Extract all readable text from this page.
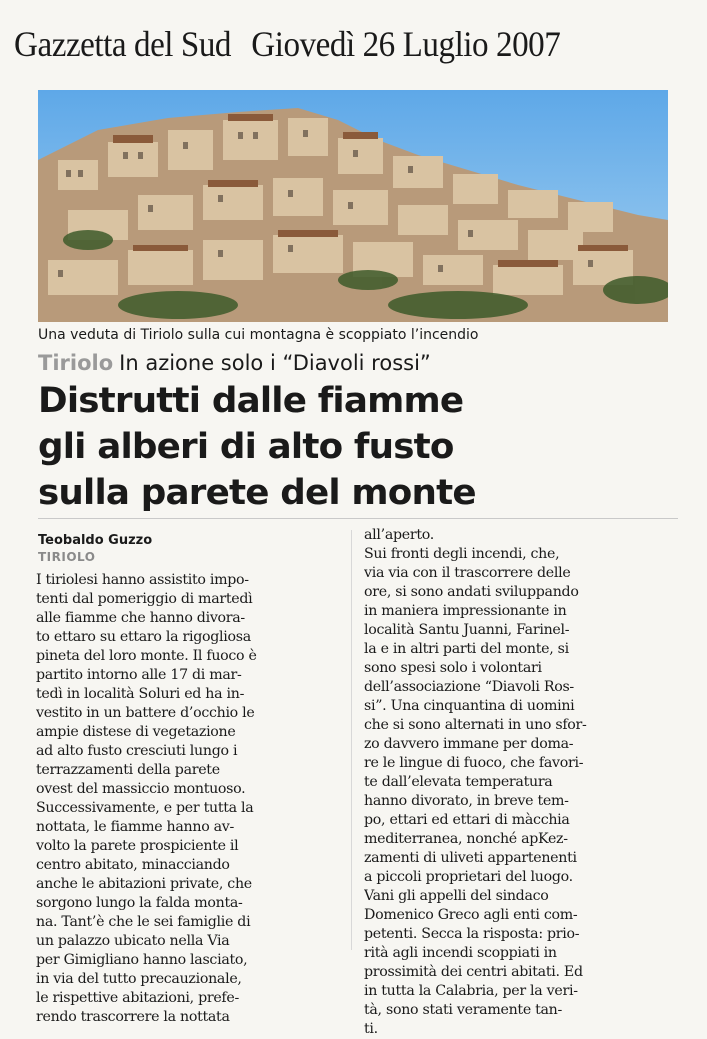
Gazzetta del Sud Giovedì 26 Luglio 2007
Una veduta di Tiriolo sulla cui montagna è scoppiato l’incendio
Tiriolo In azione solo i “Diavoli rossi”
Distrutti dalle fiamme
gli alberi di alto fusto
sulla parete del monte
Teobaldo Guzzo
TIRIOLO
I tiriolesi hanno assistito impo-
tenti dal pomeriggio di martedì
alle fiamme che hanno divora-
to ettaro su ettaro la rigogliosa
pineta del loro monte. Il fuoco è
partito intorno alle 17 di mar-
tedì in località Soluri ed ha in-
vestito in un battere d’occhio le
ampie distese di vegetazione
ad alto fusto cresciuti lungo i
terrazzamenti della parete
ovest del massiccio montuoso.
Successivamente, e per tutta la
nottata, le fiamme hanno av-
volto la parete prospiciente il
centro abitato, minacciando
anche le abitazioni private, che
sorgono lungo la falda monta-
na. Tant’è che le sei famiglie di
un palazzo ubicato nella Via
per Gimigliano hanno lasciato,
in via del tutto precauzionale,
le rispettive abitazioni, prefe-
rendo trascorrere la nottata
all’aperto.
Sui fronti degli incendi, che,
via via con il trascorrere delle
ore, si sono andati sviluppando
in maniera impressionante in
località Santu Juanni, Farinel-
la e in altri parti del monte, si
sono spesi solo i volontari
dell’associazione “Diavoli Ros-
si”. Una cinquantina di uomini
che si sono alternati in uno sfor-
zo davvero immane per doma-
re le lingue di fuoco, che favori-
te dall’elevata temperatura
hanno divorato, in breve tem-
po, ettari ed ettari di màcchia
mediterranea, nonché apKez-
zamenti di uliveti appartenenti
a piccoli proprietari del luogo.
Vani gli appelli del sindaco
Domenico Greco agli enti com-
petenti. Secca la risposta: prio-
rità agli incendi scoppiati in
prossimità dei centri abitati. Ed
in tutta la Calabria, per la veri-
tà, sono stati veramente tan-
ti.
